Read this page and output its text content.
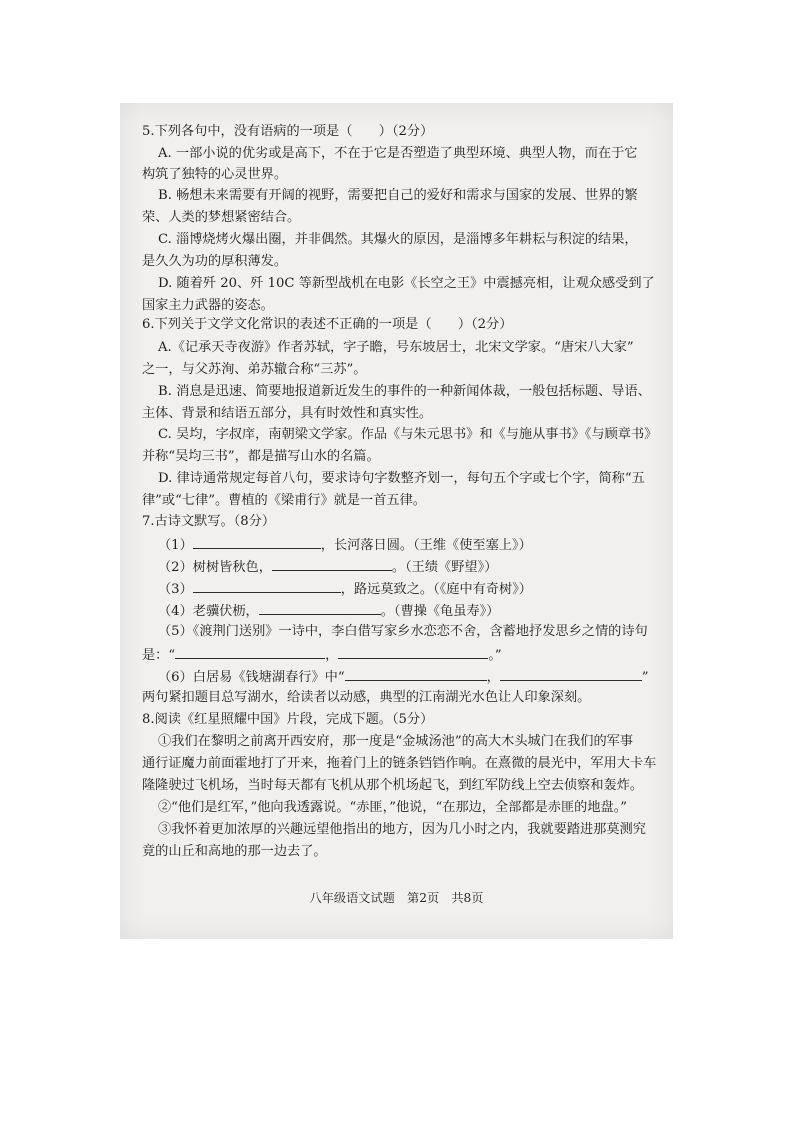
5.下列各句中，没有语病的一项是（　　）（2分）
A. 一部小说的优劣或是高下，不在于它是否塑造了典型环境、典型人物，而在于它
构筑了独特的心灵世界。
B. 畅想未来需要有开阔的视野，需要把自己的爱好和需求与国家的发展、世界的繁
荣、人类的梦想紧密结合。
C. 淄博烧烤火爆出圈，并非偶然。其爆火的原因，是淄博多年耕耘与积淀的结果，
是久久为功的厚积薄发。
D. 随着歼 20、歼 10C 等新型战机在电影《长空之王》中震撼亮相，让观众感受到了
国家主力武器的姿态。
6.下列关于文学文化常识的表述不正确的一项是（　　）（2分）
A.《记承天寺夜游》作者苏轼，字子瞻，号东坡居士，北宋文学家。“唐宋八大家”
之一，与父苏洵、弟苏辙合称“三苏”。
B. 消息是迅速、简要地报道新近发生的事件的一种新闻体裁，一般包括标题、导语、
主体、背景和结语五部分，具有时效性和真实性。
C. 吴均，字叔庠，南朝梁文学家。作品《与朱元思书》和《与施从事书》《与顾章书》
并称“吴均三书”，都是描写山水的名篇。
D. 律诗通常规定每首八句，要求诗句字数整齐划一，每句五个字或七个字，简称“五
律”或“七律”。曹植的《梁甫行》就是一首五律。
7.古诗文默写。（8分）
（1）	，长河落日圆。（王维《使至塞上》）
（2）树树皆秋色，	。（王绩《野望》）
（3）	，路远莫致之。（《庭中有奇树》）
（4）老骥伏枥，	。（曹操《龟虽寿》）
（5）《渡荆门送别》一诗中，李白借写家乡水恋恋不舍，含蓄地抒发思乡之情的诗句
是：“	，	。”
（6）白居易《钱塘湖春行》中“	，	”
两句紧扣题目总写湖水，给读者以动感，典型的江南湖光水色让人印象深刻。
8.阅读《红星照耀中国》片段，完成下题。（5分）
①我们在黎明之前离开西安府，那一度是“金城汤池”的高大木头城门在我们的军事
通行证魔力前面霍地打了开来，拖着门上的链条铛铛作响。在熹微的晨光中，军用大卡车
隆隆驶过飞机场，当时每天都有飞机从那个机场起飞，到红军防线上空去侦察和轰炸。
②“他们是红军，”他向我透露说。“赤匪，”他说，“在那边，全部都是赤匪的地盘。”
③我怀着更加浓厚的兴趣远望他指出的地方，因为几小时之内，我就要踏进那莫测究
竟的山丘和高地的那一边去了。
八年级语文试题　第2页　共8页
